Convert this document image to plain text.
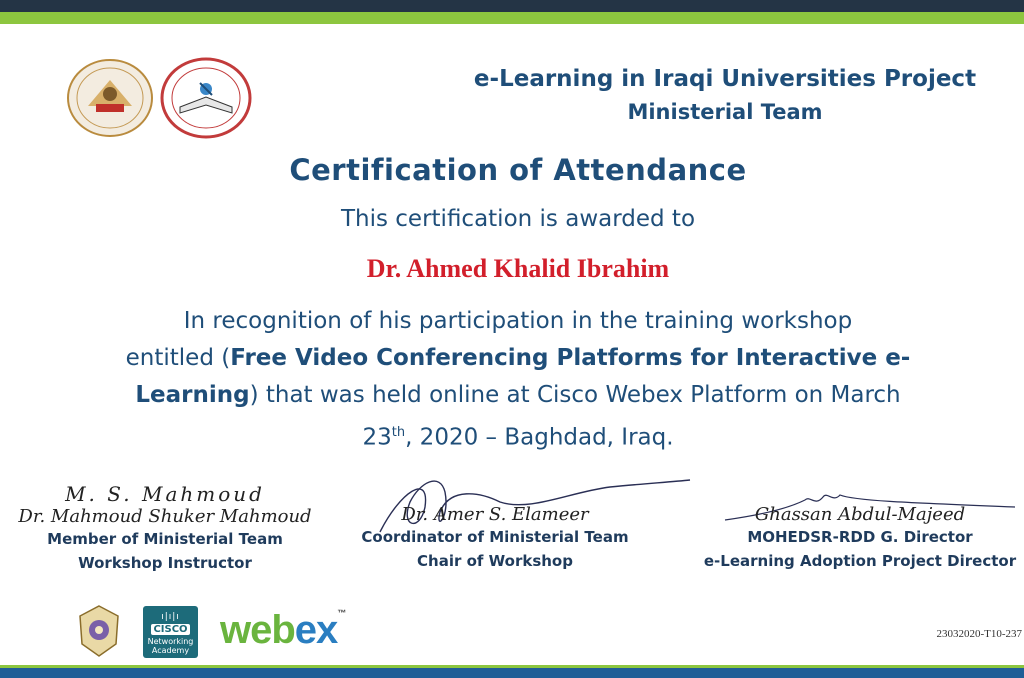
e-Learning in Iraqi Universities Project
Ministerial Team
Certification of Attendance
This certification is awarded to
Dr. Ahmed Khalid Ibrahim
In recognition of his participation in the training workshop
entitled (Free Video Conferencing Platforms for Interactive e-Learning) that was held online at Cisco Webex Platform on March
23th, 2020 – Baghdad, Iraq.
M. S. Mahmoud
Dr. Mahmoud Shuker Mahmoud
Member of Ministerial Team
Workshop Instructor
Dr. Amer S. Elameer
Coordinator of Ministerial Team
Chair of Workshop
Ghassan Abdul-Majeed
MOHEDSR-RDD G. Director
e-Learning Adoption Project Director
ı|ı|ı
CISCO
Networking Academy webex™
23032020-T10-237
